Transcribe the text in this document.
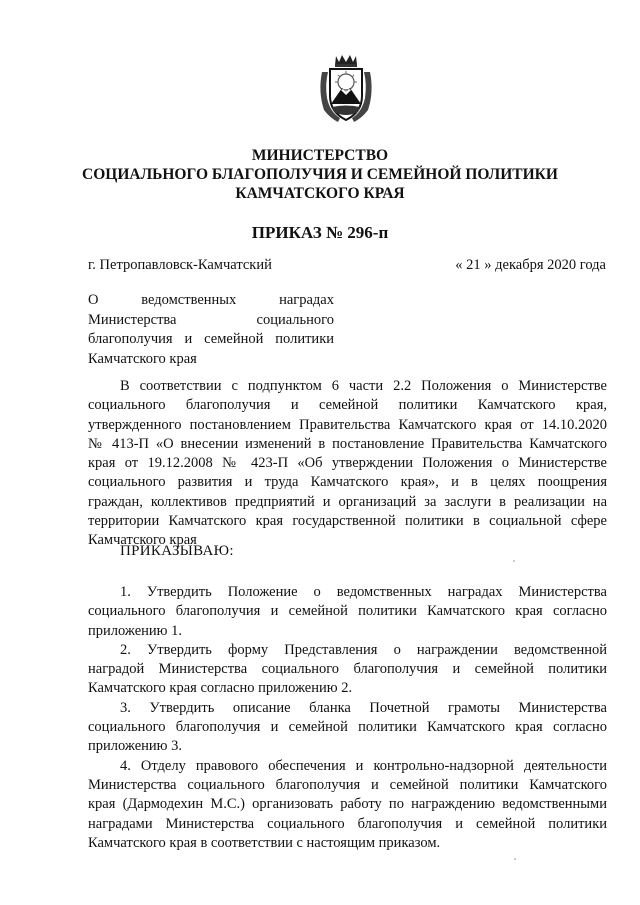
МИНИСТЕРСТВО
СОЦИАЛЬНОГО БЛАГОПОЛУЧИЯ И СЕМЕЙНОЙ ПОЛИТИКИ
КАМЧАТСКОГО КРАЯ
ПРИКАЗ № 296-п
г. Петропавловск-Камчатский	« 21 » декабря 2020 года
О ведомственных наградах
Министерства социального
благополучия и семейной политики
Камчатского края
В соответствии с подпунктом 6 части 2.2 Положения о Министерстве
социального благополучия и семейной политики Камчатского края,
утвержденного постановлением Правительства Камчатского края от 14.10.2020
№ 413-П «О внесении изменений в постановление Правительства Камчатского
края от 19.12.2008 № 423-П «Об утверждении Положения о Министерстве
социального развития и труда Камчатского края», и в целях поощрения
граждан, коллективов предприятий и организаций за заслуги в реализации на
территории Камчатского края государственной политики в социальной сфере
Камчатского края
ПРИКАЗЫВАЮ:
1. Утвердить Положение о ведомственных наградах Министерства
социального благополучия и семейной политики Камчатского края согласно
приложению 1.
2. Утвердить форму Представления о награждении ведомственной
наградой Министерства социального благополучия и семейной политики
Камчатского края согласно приложению 2.
3. Утвердить описание бланка Почетной грамоты Министерства
социального благополучия и семейной политики Камчатского края согласно
приложению 3.
4. Отделу правового обеспечения и контрольно-надзорной деятельности
Министерства социального благополучия и семейной политики Камчатского
края (Дармодехин М.С.) организовать работу по награждению ведомственными
наградами Министерства социального благополучия и семейной политики
Камчатского края в соответствии с настоящим приказом.
